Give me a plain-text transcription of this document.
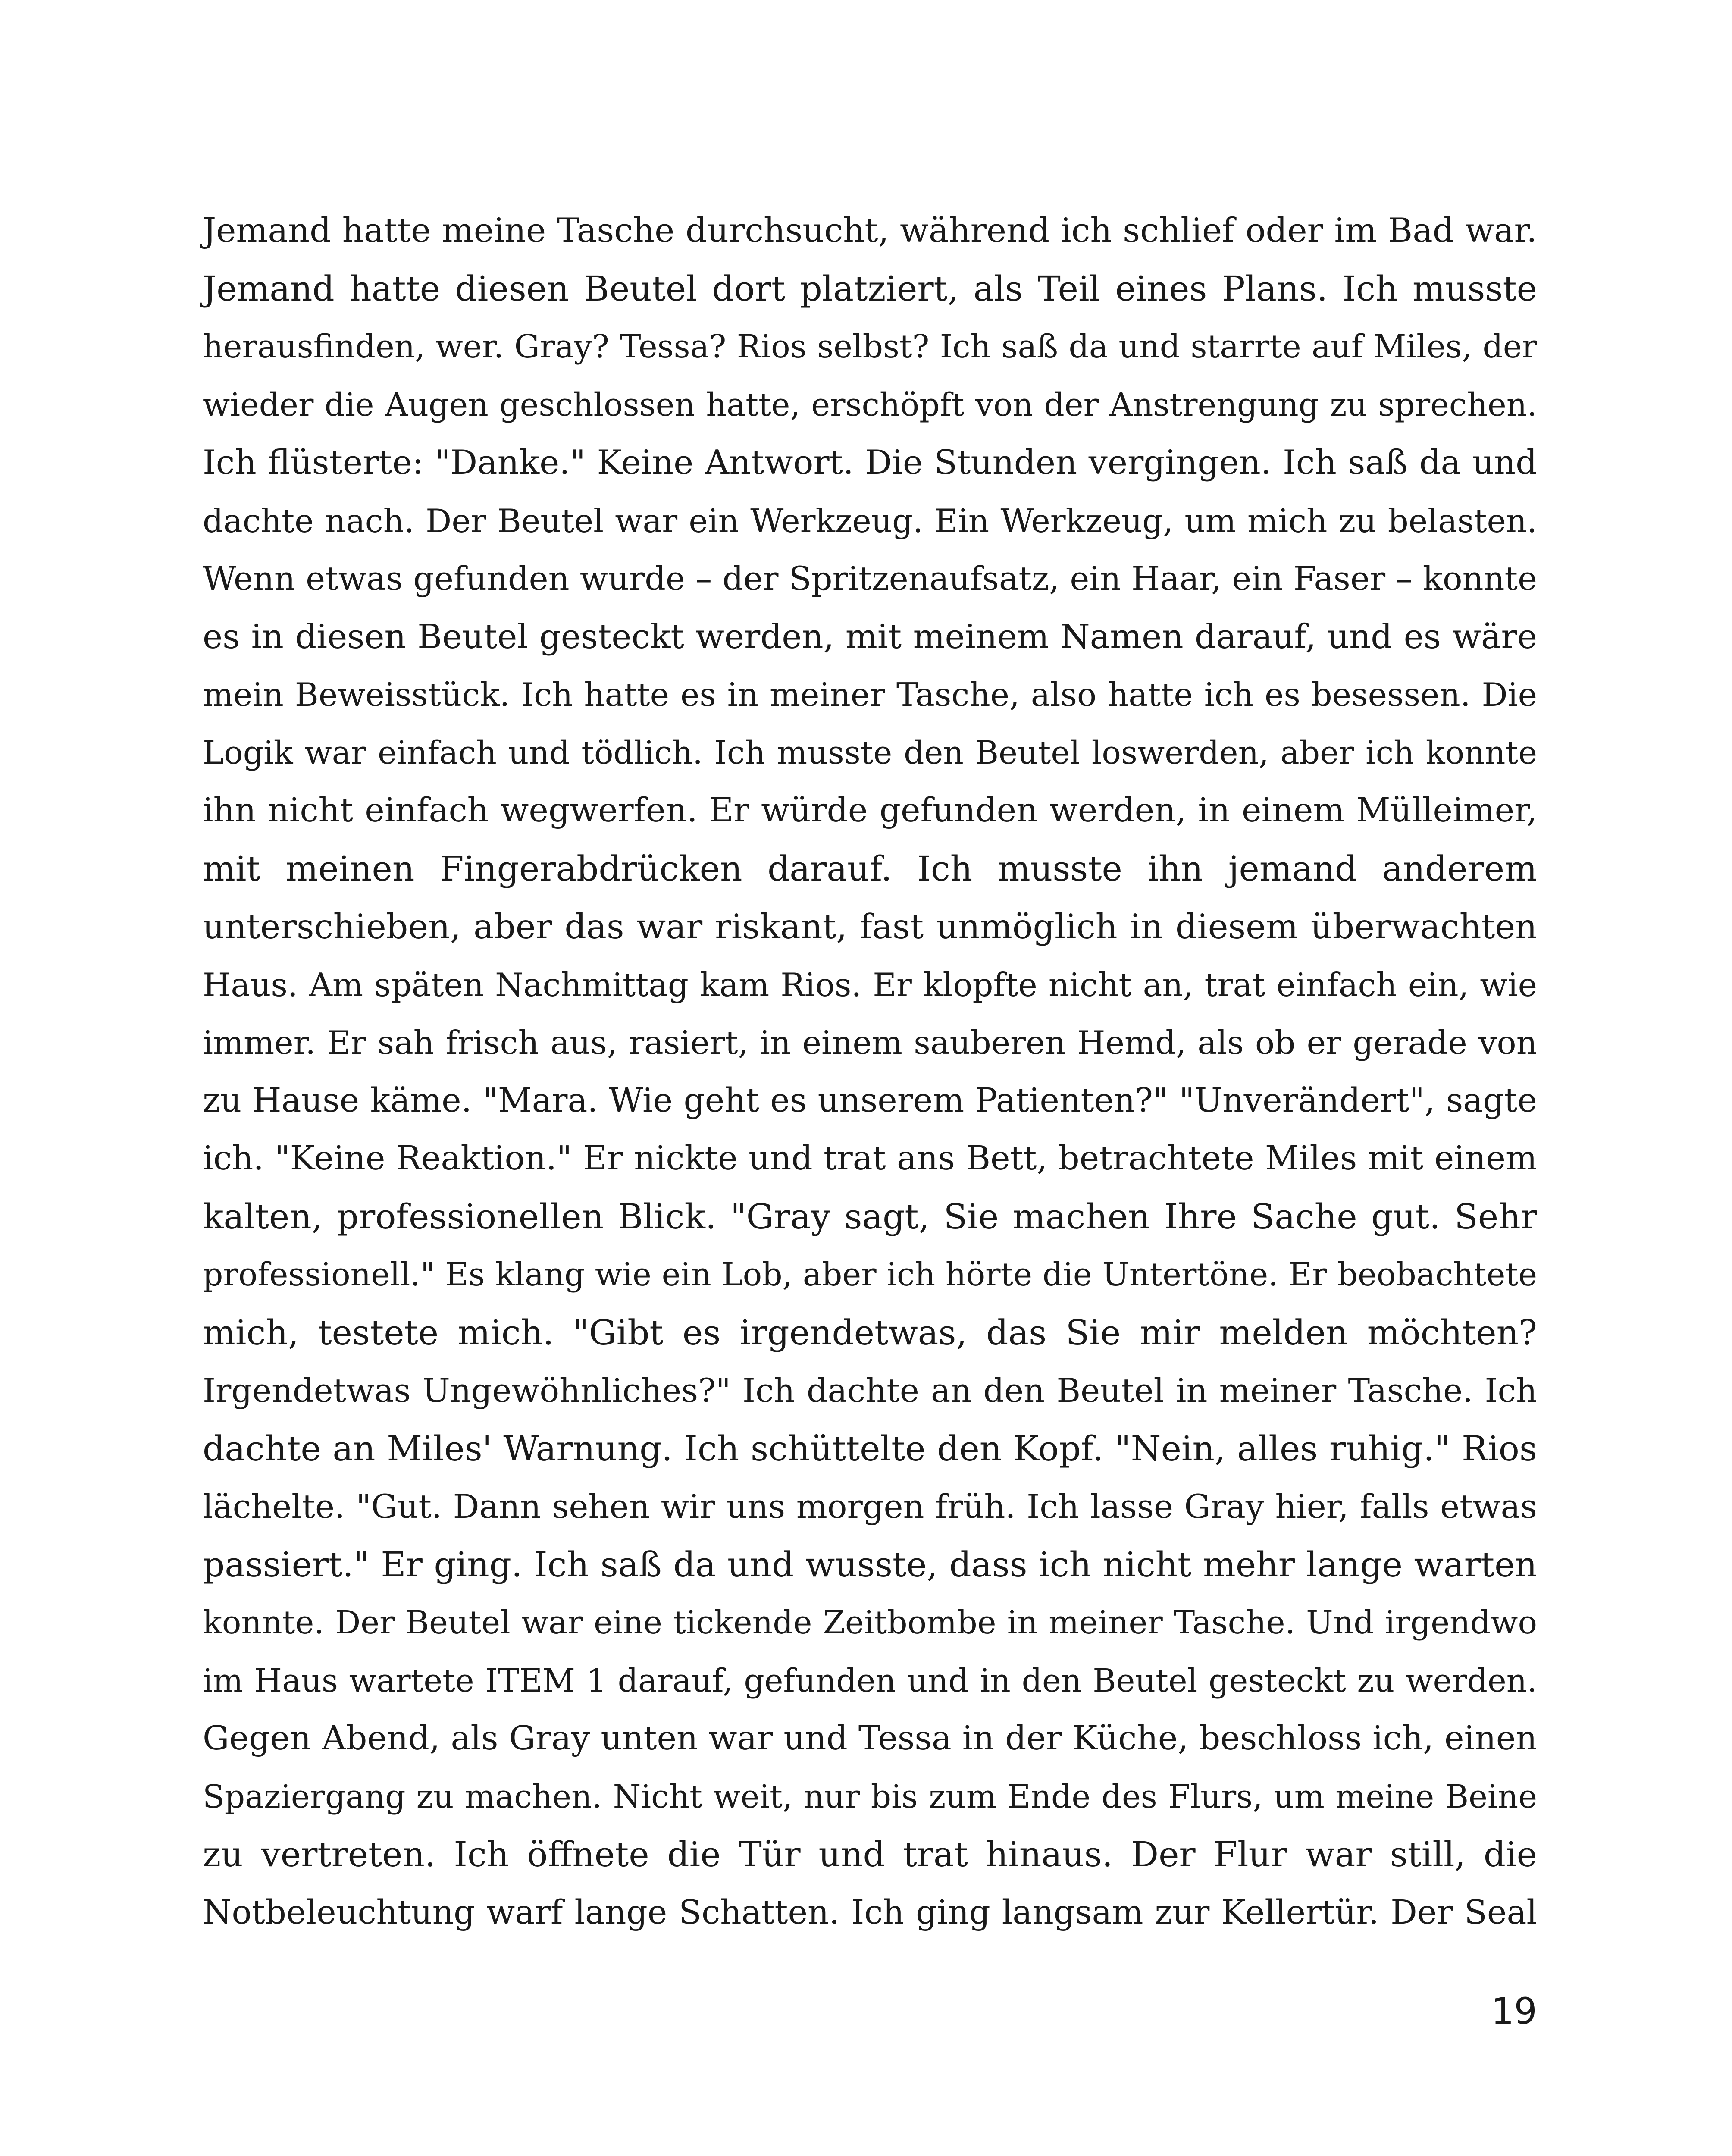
Jemand hatte meine Tasche durchsucht, während ich schlief oder im Bad war.
Jemand hatte diesen Beutel dort platziert, als Teil eines Plans. Ich musste
herausfinden, wer. Gray? Tessa? Rios selbst? Ich saß da und starrte auf Miles, der
wieder die Augen geschlossen hatte, erschöpft von der Anstrengung zu sprechen.
Ich flüsterte: "Danke." Keine Antwort. Die Stunden vergingen. Ich saß da und
dachte nach. Der Beutel war ein Werkzeug. Ein Werkzeug, um mich zu belasten.
Wenn etwas gefunden wurde – der Spritzenaufsatz, ein Haar, ein Faser – konnte
es in diesen Beutel gesteckt werden, mit meinem Namen darauf, und es wäre
mein Beweisstück. Ich hatte es in meiner Tasche, also hatte ich es besessen. Die
Logik war einfach und tödlich. Ich musste den Beutel loswerden, aber ich konnte
ihn nicht einfach wegwerfen. Er würde gefunden werden, in einem Mülleimer,
mit meinen Fingerabdrücken darauf. Ich musste ihn jemand anderem
unterschieben, aber das war riskant, fast unmöglich in diesem überwachten
Haus. Am späten Nachmittag kam Rios. Er klopfte nicht an, trat einfach ein, wie
immer. Er sah frisch aus, rasiert, in einem sauberen Hemd, als ob er gerade von
zu Hause käme. "Mara. Wie geht es unserem Patienten?" "Unverändert", sagte
ich. "Keine Reaktion." Er nickte und trat ans Bett, betrachtete Miles mit einem
kalten, professionellen Blick. "Gray sagt, Sie machen Ihre Sache gut. Sehr
professionell." Es klang wie ein Lob, aber ich hörte die Untertöne. Er beobachtete
mich, testete mich. "Gibt es irgendetwas, das Sie mir melden möchten?
Irgendetwas Ungewöhnliches?" Ich dachte an den Beutel in meiner Tasche. Ich
dachte an Miles' Warnung. Ich schüttelte den Kopf. "Nein, alles ruhig." Rios
lächelte. "Gut. Dann sehen wir uns morgen früh. Ich lasse Gray hier, falls etwas
passiert." Er ging. Ich saß da und wusste, dass ich nicht mehr lange warten
konnte. Der Beutel war eine tickende Zeitbombe in meiner Tasche. Und irgendwo
im Haus wartete ITEM 1 darauf, gefunden und in den Beutel gesteckt zu werden.
Gegen Abend, als Gray unten war und Tessa in der Küche, beschloss ich, einen
Spaziergang zu machen. Nicht weit, nur bis zum Ende des Flurs, um meine Beine
zu vertreten. Ich öffnete die Tür und trat hinaus. Der Flur war still, die
Notbeleuchtung warf lange Schatten. Ich ging langsam zur Kellertür. Der Seal
19
